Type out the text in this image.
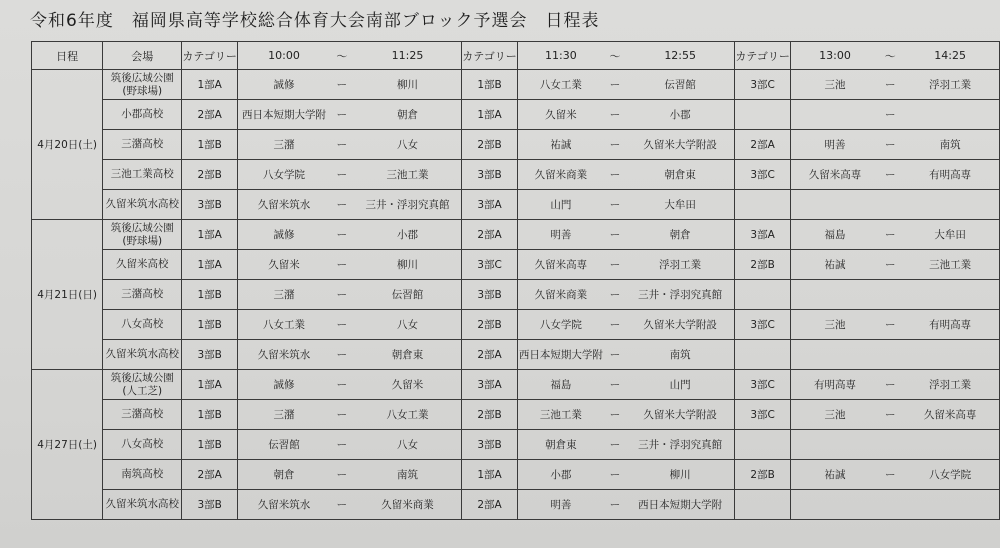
令和6年度　福岡県高等学校総合体育大会南部ブロック予選会　日程表
日程	会場	カテゴリー	10:00	～	11:25	カテゴリー	11:30	～	12:55	カテゴリー	13:00	～	14:25
4月20日(土)	筑後広域公園
(野球場)	1部A	誠修	ー	柳川	1部B	八女工業	ー	伝習館	3部C	三池	ー	浮羽工業

	小郡高校	2部A	西日本短期大学附	ー	朝倉	1部A	久留米	ー	小郡			ー	

	三潴高校	1部B	三潴	ー	八女	2部B	祐誠	ー	久留米大学附設	2部A	明善	ー	南筑

	三池工業高校	2部B	八女学院	ー	三池工業	3部B	久留米商業	ー	朝倉東	3部C	久留米高専	ー	有明高専

	久留米筑水高校	3部B	久留米筑水	ー	三井・浮羽究真館	3部A	山門	ー	大牟田				
4月21日(日)	筑後広域公園
(野球場)	1部A	誠修	ー	小郡	2部A	明善	ー	朝倉	3部A	福島	ー	大牟田

	久留米高校	1部A	久留米	ー	柳川	3部C	久留米高専	ー	浮羽工業	2部B	祐誠	ー	三池工業

	三潴高校	1部B	三潴	ー	伝習館	3部B	久留米商業	ー	三井・浮羽究真館				

	八女高校	1部B	八女工業	ー	八女	2部B	八女学院	ー	久留米大学附設	3部C	三池	ー	有明高専

	久留米筑水高校	3部B	久留米筑水	ー	朝倉東	2部A	西日本短期大学附	ー	南筑				
4月27日(土)	筑後広域公園
(人工芝)	1部A	誠修	ー	久留米	3部A	福島	ー	山門	3部C	有明高専	ー	浮羽工業

	三潴高校	1部B	三潴	ー	八女工業	2部B	三池工業	ー	久留米大学附設	3部C	三池	ー	久留米高専

	八女高校	1部B	伝習館	ー	八女	3部B	朝倉東	ー	三井・浮羽究真館				

	南筑高校	2部A	朝倉	ー	南筑	1部A	小郡	ー	柳川	2部B	祐誠	ー	八女学院

	久留米筑水高校	3部B	久留米筑水	ー	久留米商業	2部A	明善	ー	西日本短期大学附				
